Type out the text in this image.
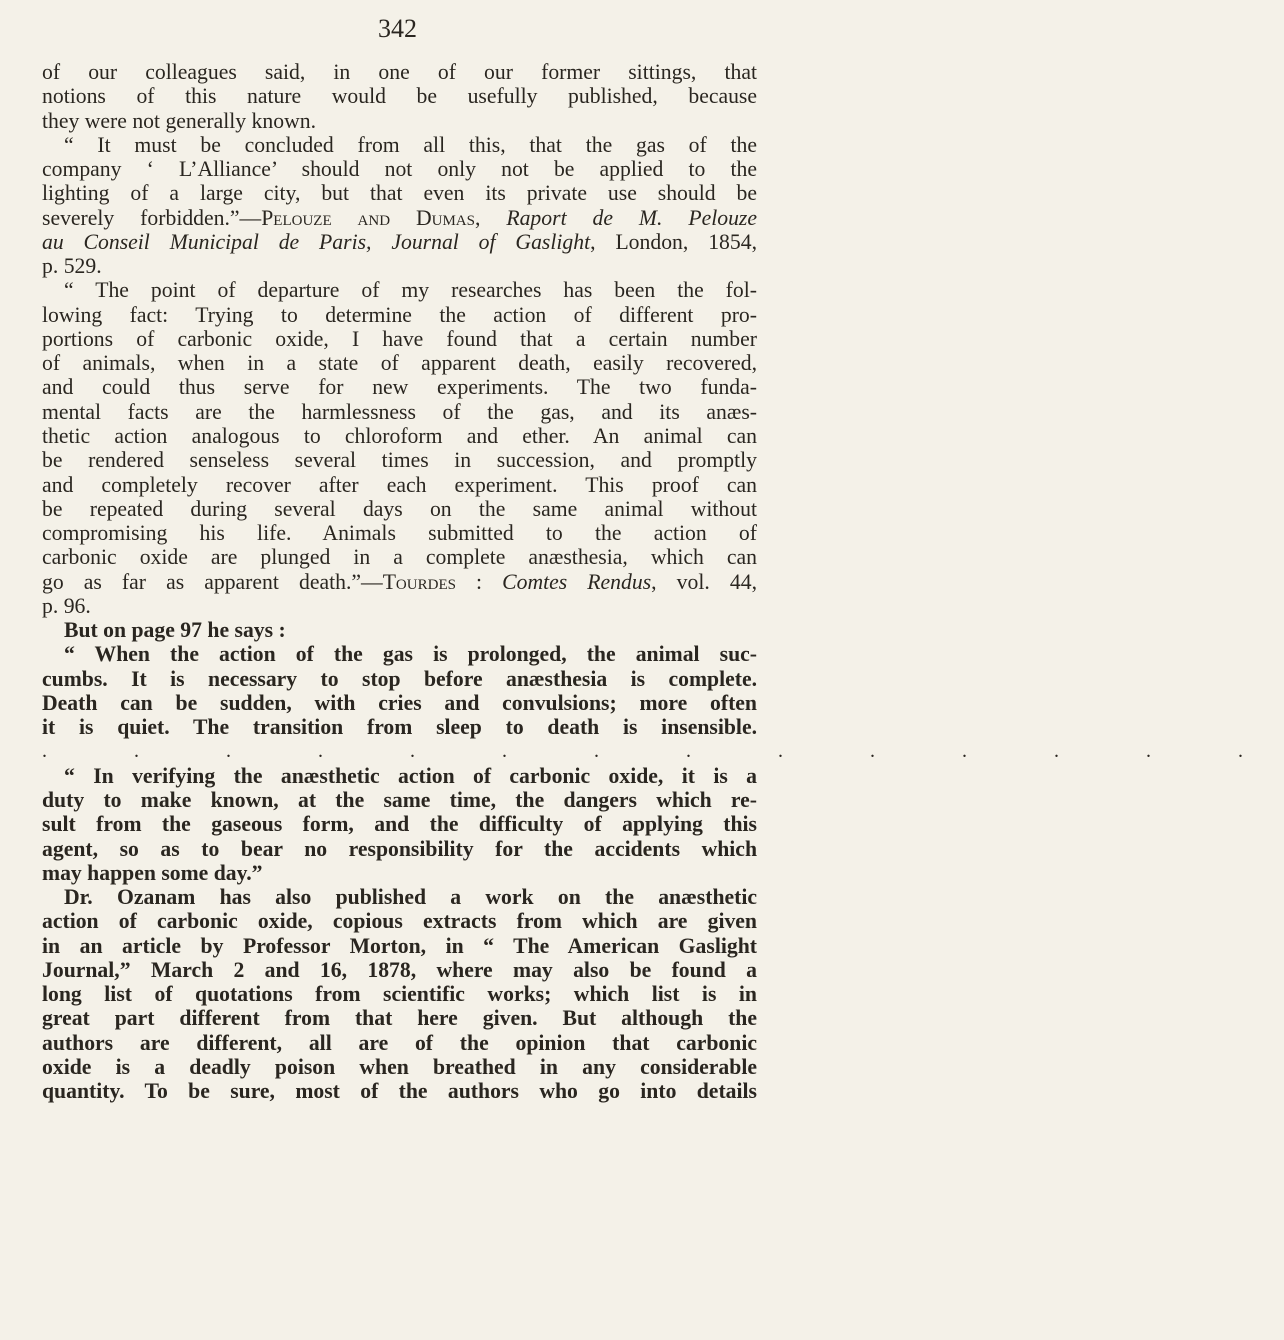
342
of our colleagues said, in one of our former sittings, that
notions of this nature would be usefully published, because
they were not generally known.
“ It must be concluded from all this, that the gas of the
company ‘ L’Alliance’ should not only not be applied to the
lighting of a large city, but that even its private use should be
severely forbidden.”—Pelouze and Dumas, Raport de M. Pelouze
au Conseil Municipal de Paris, Journal of Gaslight, London, 1854,
p. 529.
“ The point of departure of my researches has been the fol-
lowing fact: Trying to determine the action of different pro-
portions of carbonic oxide, I have found that a certain number
of animals, when in a state of apparent death, easily recovered,
and could thus serve for new experiments. The two funda-
mental facts are the harmlessness of the gas, and its anæs-
thetic action analogous to chloroform and ether. An animal can
be rendered senseless several times in succession, and promptly
and completely recover after each experiment. This proof can
be repeated during several days on the same animal without
compromising his life. Animals submitted to the action of
carbonic oxide are plunged in a complete anæsthesia, which can
go as far as apparent death.”—Tourdes : Comtes Rendus, vol. 44,
p. 96.
But on page 97 he says :
“ When the action of the gas is prolonged, the animal suc-
cumbs. It is necessary to stop before anæsthesia is complete.
Death can be sudden, with cries and convulsions; more often
it is quiet. The transition from sleep to death is insensible.
. . . . . . . . . . . . . .
“ In verifying the anæsthetic action of carbonic oxide, it is a
duty to make known, at the same time, the dangers which re-
sult from the gaseous form, and the difficulty of applying this
agent, so as to bear no responsibility for the accidents which
may happen some day.”
Dr. Ozanam has also published a work on the anæsthetic
action of carbonic oxide, copious extracts from which are given
in an article by Professor Morton, in “ The American Gaslight
Journal,” March 2 and 16, 1878, where may also be found a
long list of quotations from scientific works; which list is in
great part different from that here given. But although the
authors are different, all are of the opinion that carbonic
oxide is a deadly poison when breathed in any considerable
quantity. To be sure, most of the authors who go into details
